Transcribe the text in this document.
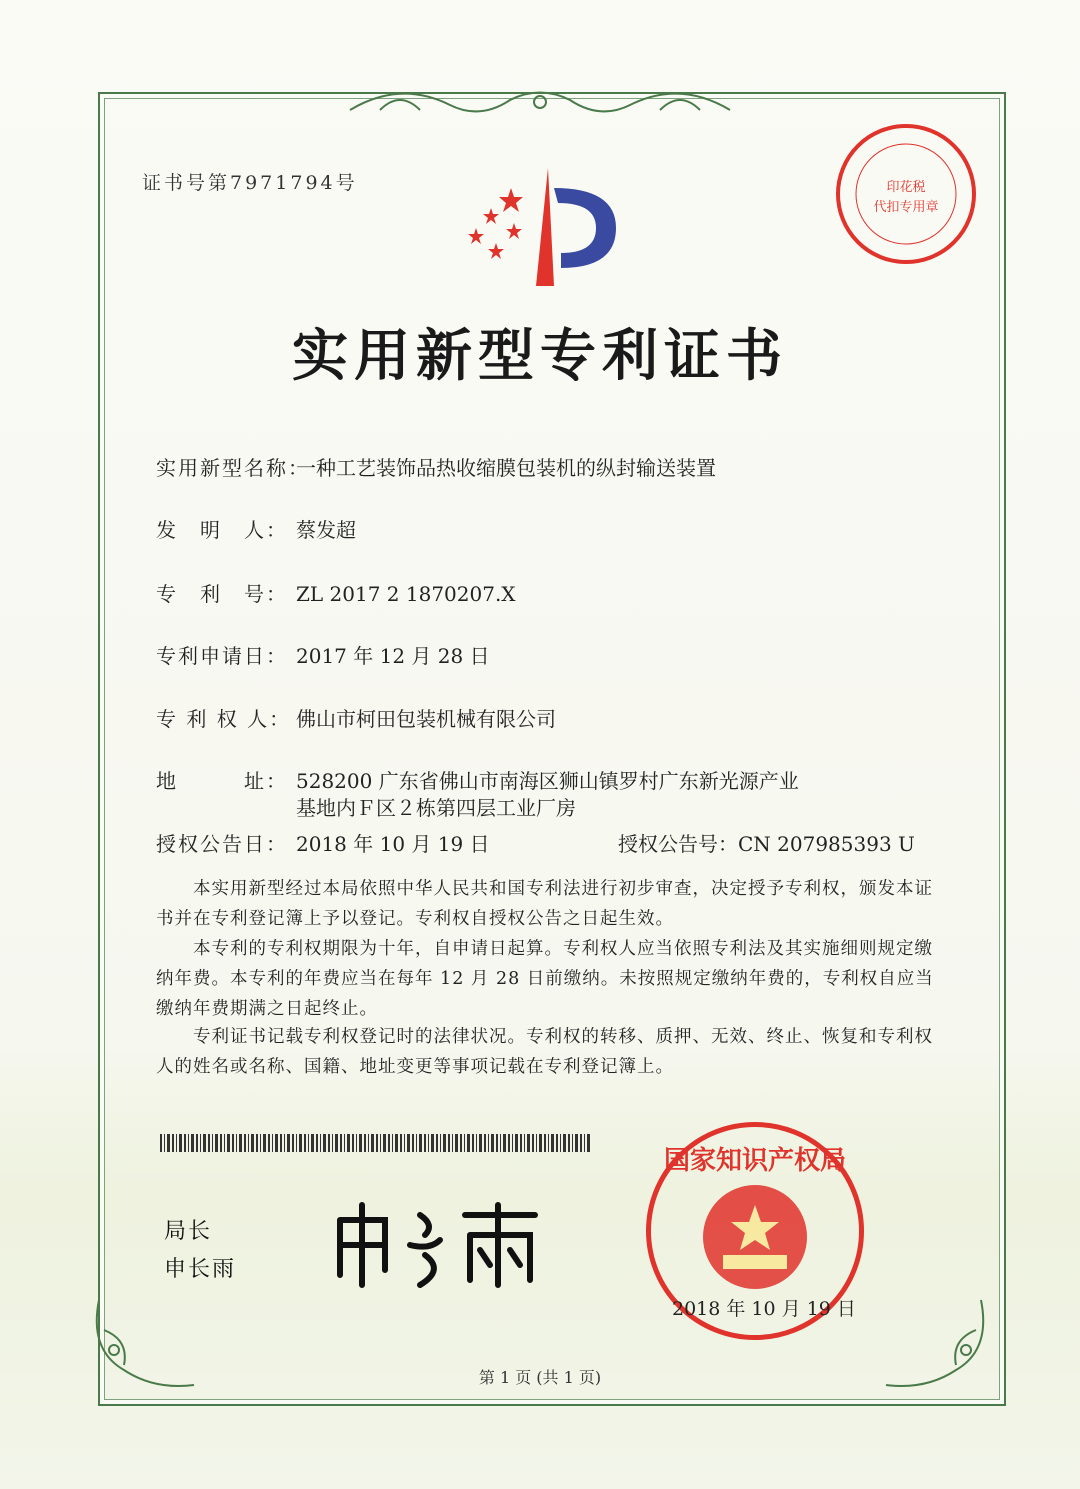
证书号第7971794号	印花税
代扣专用章
实用新型专利证书
实用新型名称：一种工艺装饰品热收缩膜包装机的纵封输送装置
发　明　人： 蔡发超
专　利　号： ZL 2017 2 1870207.X
专利申请日： 2017 年 12 月 28 日
专 利 权 人： 佛山市柯田包装机械有限公司
地　　　址： 528200 广东省佛山市南海区狮山镇罗村广东新光源产业
基地内Ｆ区２栋第四层工业厂房
授权公告日： 2018 年 10 月 19 日	授权公告号：CN 207985393 U
本实用新型经过本局依照中华人民共和国专利法进行初步审查，决定授予专利权，颁发本证书并在专利登记簿上予以登记。专利权自授权公告之日起生效。
本专利的专利权期限为十年，自申请日起算。专利权人应当依照专利法及其实施细则规定缴纳年费。本专利的年费应当在每年 12 月 28 日前缴纳。未按照规定缴纳年费的，专利权自应当缴纳年费期满之日起终止。
专利证书记载专利权登记时的法律状况。专利权的转移、质押、无效、终止、恢复和专利权人的姓名或名称、国籍、地址变更等事项记载在专利登记簿上。
局长
申长雨
国家知识产权局
2018 年 10 月 19 日
第 1 页 (共 1 页)
